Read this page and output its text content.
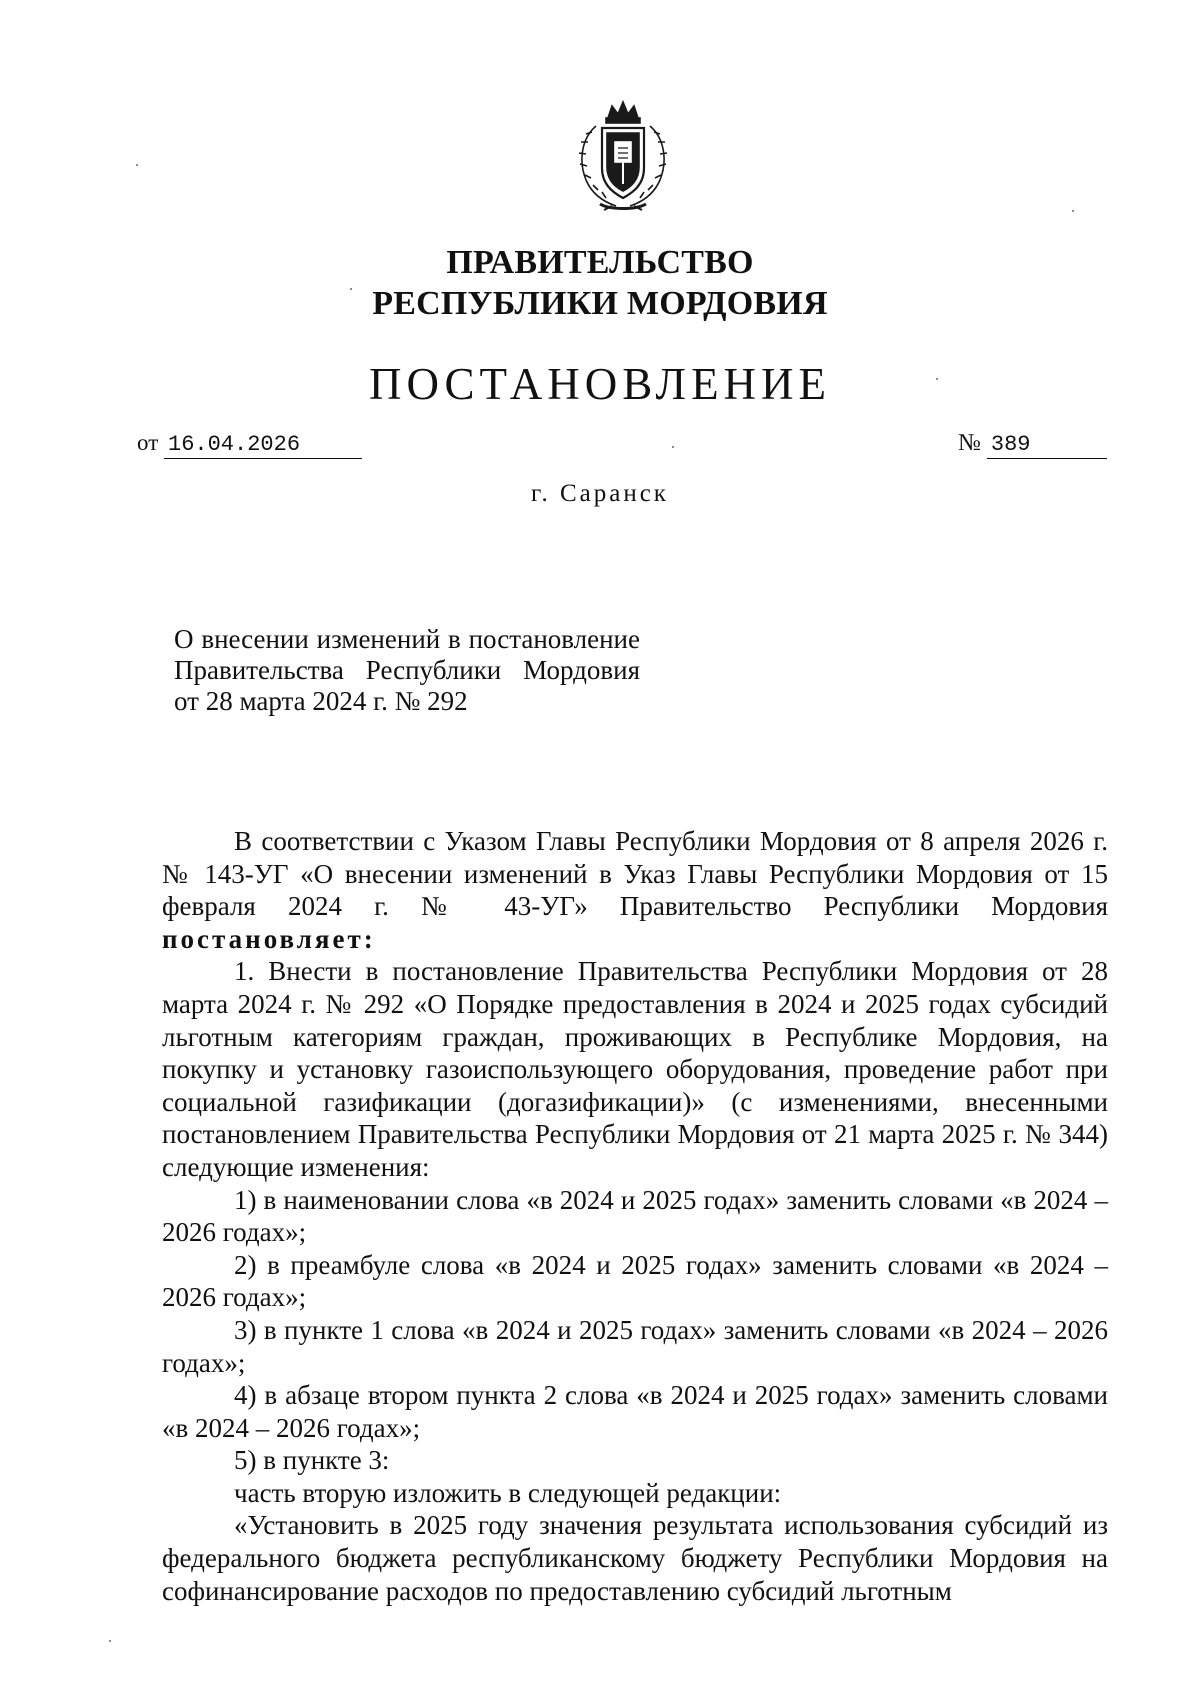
ПРАВИТЕЛЬСТВО
РЕСПУБЛИКИ МОРДОВИЯ
ПОСТАНОВЛЕНИЕ
от 16.04.2026	№ 389
г. Саранск
О внесении изменений в постановление Правительства Республики Мордовия от 28 марта 2024 г. № 292

В соответствии с Указом Главы Республики Мордовия от 8 апреля 2026 г. № 143-УГ «О внесении изменений в Указ Главы Республики Мордовия от 15 февраля 2024 г. № 43-УГ» Правительство Республики Мордовия постановляет:

1. Внести в постановление Правительства Республики Мордовия от 28 марта 2024 г. № 292 «О Порядке предоставления в 2024 и 2025 годах субсидий льготным категориям граждан, проживающих в Республике Мордовия, на покупку и установку газоиспользующего оборудования, проведение работ при социальной газификации (догазификации)» (с изменениями, внесенными постановлением Правительства Республики Мордовия от 21 марта 2025 г. № 344) следующие изменения:

1) в наименовании слова «в 2024 и 2025 годах» заменить словами «в 2024 – 2026 годах»;

2) в преамбуле слова «в 2024 и 2025 годах» заменить словами «в 2024 – 2026 годах»;

3) в пункте 1 слова «в 2024 и 2025 годах» заменить словами «в 2024 – 2026 годах»;

4) в абзаце втором пункта 2 слова «в 2024 и 2025 годах» заменить словами «в 2024 – 2026 годах»;

5) в пункте 3:

часть вторую изложить в следующей редакции:

«Установить в 2025 году значения результата использования субсидий из федерального бюджета республиканскому бюджету Республики Мордовия на софинансирование расходов по предоставлению субсидий льготным
